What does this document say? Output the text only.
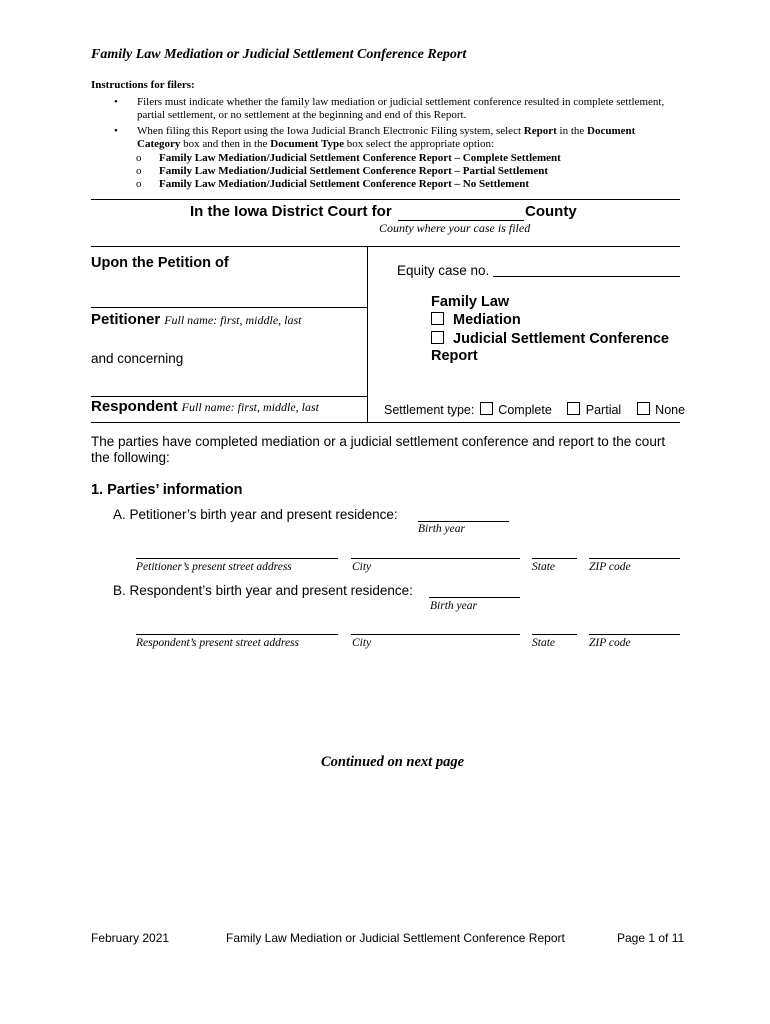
Family Law Mediation or Judicial Settlement Conference Report
Instructions for filers:
• Filers must indicate whether the family law mediation or judicial settlement conference resulted in complete settlement,
partial settlement, or no settlement at the beginning and end of this Report.
• When filing this Report using the Iowa Judicial Branch Electronic Filing system, select Report in the Document
Category box and then in the Document Type box select the appropriate option:
o Family Law Mediation/Judicial Settlement Conference Report – Complete Settlement
o Family Law Mediation/Judicial Settlement Conference Report – Partial Settlement
o Family Law Mediation/Judicial Settlement Conference Report – No Settlement
In the Iowa District Court for	County
County where your case is filed
Upon the Petition of
Petitioner Full name: first, middle, last
and concerning
Respondent Full name: first, middle, last
Equity case no.
Family Law
Mediation
Judicial Settlement Conference
Report
Settlement type: Complete	Partial	None
The parties have completed mediation or a judicial settlement conference and report to the court
the following:
1. Parties’ information
A. Petitioner’s birth year and present residence:
Birth year
Petitioner’s present street address	City	State	ZIP code
B. Respondent’s birth year and present residence:
Birth year
Respondent’s present street address	City	State	ZIP code
Continued on next page
February 2021	Family Law Mediation or Judicial Settlement Conference Report	Page 1 of 11
